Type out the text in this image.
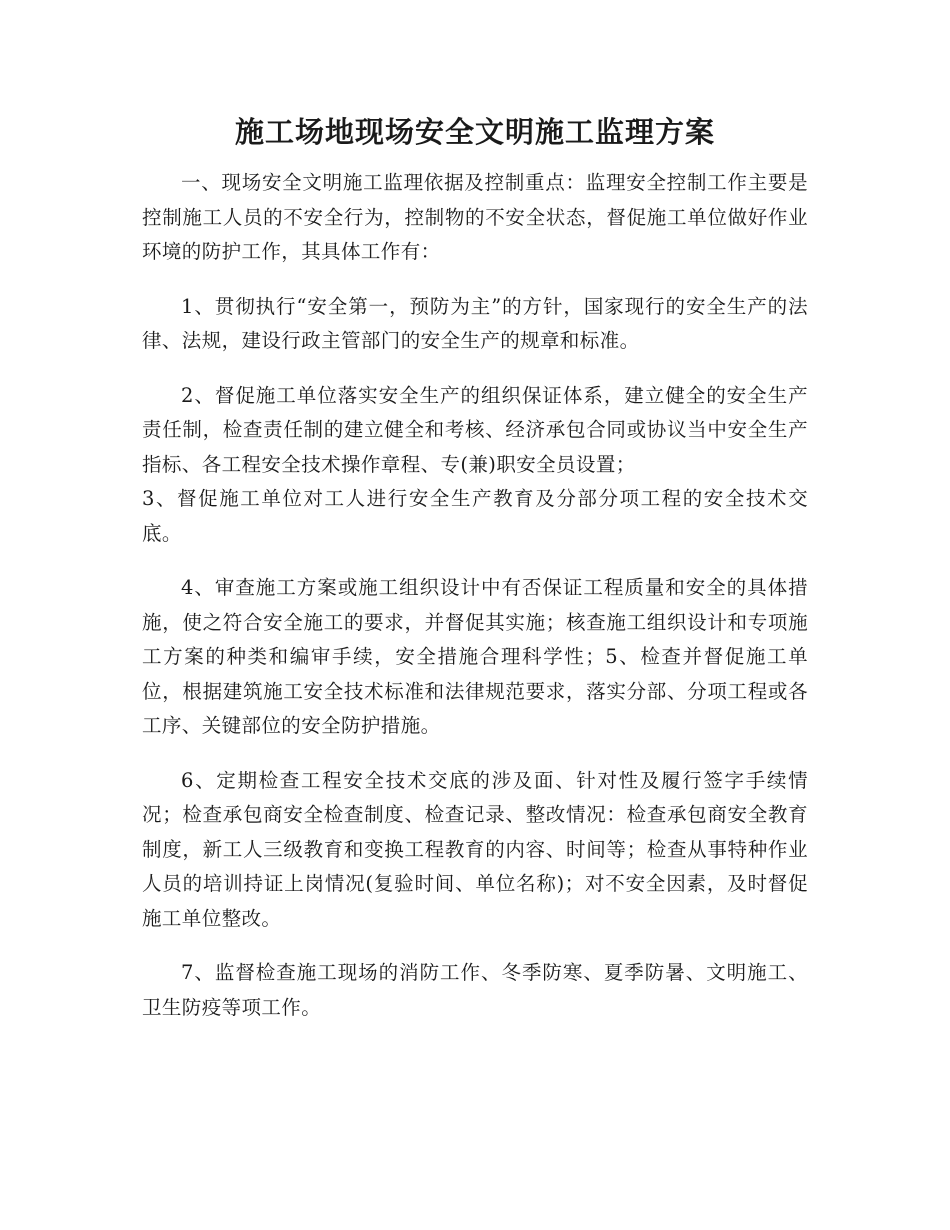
施工场地现场安全文明施工监理方案

一、现场安全文明施工监理依据及控制重点：监理安全控制工作主要是控制施工人员的不安全行为，控制物的不安全状态，督促施工单位做好作业环境的防护工作，其具体工作有：

1、贯彻执行“安全第一，预防为主”的方针，国家现行的安全生产的法律、法规，建设行政主管部门的安全生产的规章和标准。

2、督促施工单位落实安全生产的组织保证体系，建立健全的安全生产责任制，检查责任制的建立健全和考核、经济承包合同或协议当中安全生产指标、各工程安全技术操作章程、专(兼)职安全员设置；

3、督促施工单位对工人进行安全生产教育及分部分项工程的安全技术交底。

4、审查施工方案或施工组织设计中有否保证工程质量和安全的具体措施，使之符合安全施工的要求，并督促其实施；核查施工组织设计和专项施工方案的种类和编审手续，安全措施合理科学性；5、检查并督促施工单位，根据建筑施工安全技术标准和法律规范要求，落实分部、分项工程或各工序、关键部位的安全防护措施。

6、定期检查工程安全技术交底的涉及面、针对性及履行签字手续情况；检查承包商安全检查制度、检查记录、整改情况：检查承包商安全教育制度，新工人三级教育和变换工程教育的内容、时间等；检查从事特种作业人员的培训持证上岗情况(复验时间、单位名称)；对不安全因素，及时督促施工单位整改。

7、监督检查施工现场的消防工作、冬季防寒、夏季防暑、文明施工、卫生防疫等项工作。
